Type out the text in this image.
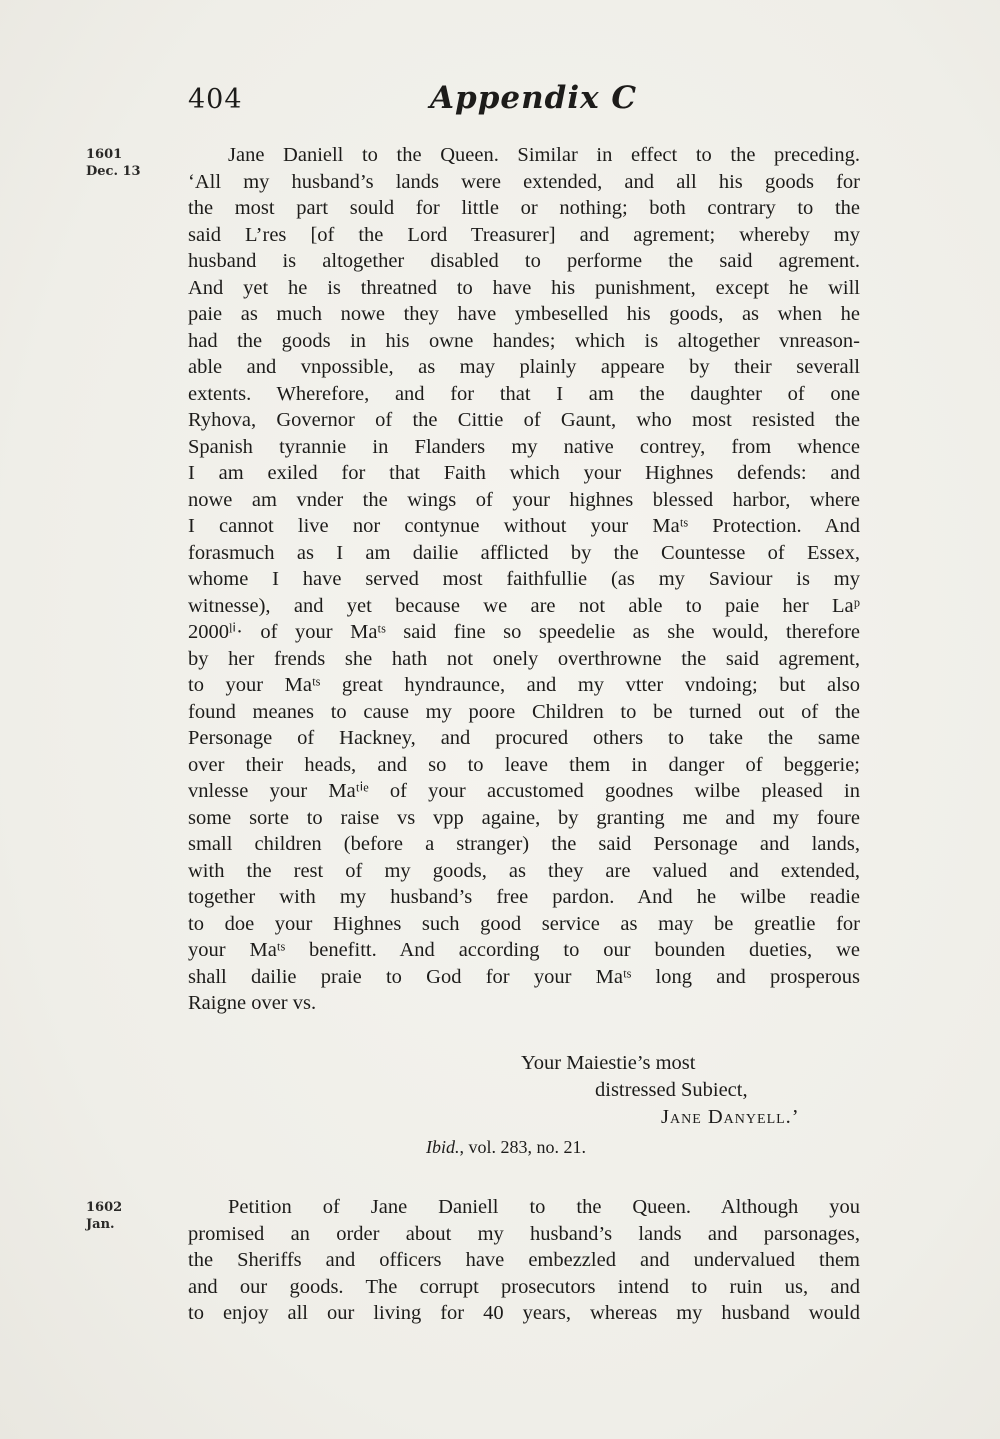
404	Appendix C
1601
Dec. 13
Jane Daniell to the Queen. Similar in effect to the preceding.
‘All my husband’s lands were extended, and all his goods for
the most part sould for little or nothing; both contrary to the
said L’res [of the Lord Treasurer] and agrement; whereby my
husband is altogether disabled to performe the said agrement.
And yet he is threatned to have his punishment, except he will
paie as much nowe they have ymbeselled his goods, as when he
had the goods in his owne handes; which is altogether vnreason-
able and vnpossible, as may plainly appeare by their severall
extents. Wherefore, and for that I am the daughter of one
Ryhova, Governor of the Cittie of Gaunt, who most resisted the
Spanish tyrannie in Flanders my native contrey, from whence
I am exiled for that Faith which your Highnes defends: and
nowe am vnder the wings of your highnes blessed harbor, where
I cannot live nor contynue without your Maᵗˢ Protection. And
forasmuch as I am dailie afflicted by the Countesse of Essex,
whome I have served most faithfullie (as my Saviour is my
witnesse), and yet because we are not able to paie her Laᵖ
2000ˡⁱ· of your Maᵗˢ said fine so speedelie as she would, therefore
by her frends she hath not onely overthrowne the said agrement,
to your Maᵗˢ great hyndraunce, and my vtter vndoing; but also
found meanes to cause my poore Children to be turned out of the
Personage of Hackney, and procured others to take the same
over their heads, and so to leave them in danger of beggerie;
vnlesse your Maᵗⁱᵉ of your accustomed goodnes wilbe pleased in
some sorte to raise vs vpp againe, by granting me and my foure
small children (before a stranger) the said Personage and lands,
with the rest of my goods, as they are valued and extended,
together with my husband’s free pardon. And he wilbe readie
to doe your Highnes such good service as may be greatlie for
your Maᵗˢ benefitt. And according to our bounden dueties, we
shall dailie praie to God for your Maᵗˢ long and prosperous
Raigne over vs.
Your Maiestie’s most
distressed Subiect,
Jane Danyell.’
Ibid., vol. 283, no. 21.
1602
Jan.
Petition of Jane Daniell to the Queen. Although you
promised an order about my husband’s lands and parsonages,
the Sheriffs and officers have embezzled and undervalued them
and our goods. The corrupt prosecutors intend to ruin us, and
to enjoy all our living for 40 years, whereas my husband would
